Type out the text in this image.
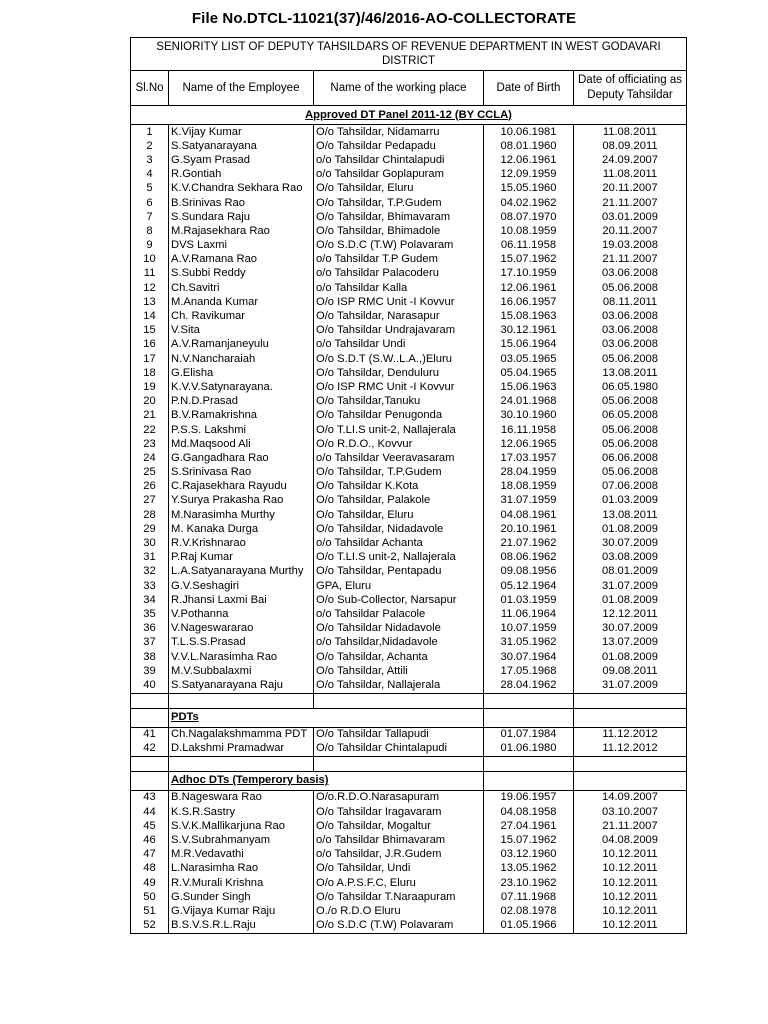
File No.DTCL-11021(37)/46/2016-AO-COLLECTORATE
SENIORITY LIST OF DEPUTY TAHSILDARS OF REVENUE DEPARTMENT IN WEST GODAVARI DISTRICT				
Sl.No	Name of the Employee	Name of the working place	Date of Birth	Date of officiating as Deputy Tahsildar
Approved DT Panel 2011-12 (BY CCLA)				
1	K.Vijay Kumar	O/o Tahsildar, Nidamarru	10.06.1981	11.08.2011
2	S.Satyanarayana	O/o Tahsildar Pedapadu	08.01.1960	08.09.2011
3	G.Syam Prasad	o/o Tahsildar Chintalapudi	12.06.1961	24.09.2007
4	R.Gontiah	o/o Tahsildar Goplapuram	12.09.1959	11.08.2011
5	K.V.Chandra Sekhara Rao	O/o Tahsildar, Eluru	15.05.1960	20.11.2007
6	B.Srinivas Rao	O/o Tahsildar, T.P.Gudem	04.02.1962	21.11.2007
7	S.Sundara Raju	O/o Tahsildar, Bhimavaram	08.07.1970	03.01.2009
8	M.Rajasekhara Rao	O/o Tahsildar, Bhimadole	10.08.1959	20.11.2007
9	DVS Laxmi	O/o S.D.C (T.W) Polavaram	06.11.1958	19.03.2008
10	A.V.Ramana Rao	o/o Tahsildar T.P Gudem	15.07.1962	21.11.2007
11	S.Subbi Reddy	o/o Tahsildar Palacoderu	17.10.1959	03.06.2008
12	Ch.Savitri	o/o Tahsildar Kalla	12.06.1961	05.06.2008
13	M.Ananda Kumar	O/o ISP RMC Unit -I Kovvur	16.06.1957	08.11.2011
14	Ch. Ravikumar	O/o Tahsildar, Narasapur	15.08.1963	03.06.2008
15	V.Sita	O/o Tahsildar Undrajavaram	30.12.1961	03.06.2008
16	A.V.Ramanjaneyulu	o/o Tahsildar Undi	15.06.1964	03.06.2008
17	N.V.Nancharaiah	O/o S.D.T (S.W..L.A.,)Eluru	03.05.1965	05.06.2008
18	G.Elisha	O/o Tahsildar, Denduluru	05.04.1965	13.08.2011
19	K.V.V.Satynarayana.	O/o ISP RMC Unit -I Kovvur	15.06.1963	06.05.1980
20	P.N.D.Prasad	O/o Tahsildar,Tanuku	24.01.1968	05.06.2008
21	B.V.Ramakrishna	O/o Tahsildar Penugonda	30.10.1960	06.05.2008
22	P.S.S. Lakshmi	O/o T.LI.S unit-2, Nallajerala	16.11.1958	05.06.2008
23	Md.Maqsood Ali	O/o R.D.O., Kovvur	12.06.1965	05.06.2008
24	G.Gangadhara Rao	o/o Tahsildar Veeravasaram	17.03.1957	06.06.2008
25	S.Srinivasa Rao	O/o Tahsildar, T.P.Gudem	28.04.1959	05.06.2008
26	C.Rajasekhara Rayudu	O/o Tahsildar K.Kota	18.08.1959	07.06.2008
27	Y.Surya Prakasha Rao	O/o Tahsildar, Palakole	31.07.1959	01.03.2009
28	M.Narasimha Murthy	O/o Tahsildar, Eluru	04.08.1961	13.08.2011
29	M. Kanaka Durga	O/o Tahsildar, Nidadavole	20.10.1961	01.08.2009
30	R.V.Krishnarao	o/o Tahsildar Achanta	21.07.1962	30.07.2009
31	P.Raj Kumar	O/o T.LI.S unit-2, Nallajerala	08.06.1962	03.08.2009
32	L.A.Satyanarayana Murthy	O/o Tahsildar, Pentapadu	09.08.1956	08.01.2009
33	G.V.Seshagiri	GPA, Eluru	05.12.1964	31.07.2009
34	R.Jhansi Laxmi Bai	O/o Sub-Collector, Narsapur	01.03.1959	01.08.2009
35	V.Pothanna	o/o Tahsildar Palacole	11.06.1964	12.12.2011
36	V.Nageswararao	O/o Tahsildar Nidadavole	10.07.1959	30.07.2009
37	T.L.S.S.Prasad	o/o Tahsildar,Nidadavole	31.05.1962	13.07.2009
38	V.V.L.Narasimha Rao	O/o Tahsildar, Achanta	30.07.1964	01.08.2009
39	M.V.Subbalaxmi	O/o Tahsildar, Attili	17.05.1968	09.08.2011
40	S.Satyanarayana Raju	O/o Tahsildar, Nallajerala	28.04.1962	31.07.2009

	PDTs			
41	Ch.Nagalakshmamma PDT	O/o Tahsildar Tallapudi	01.07.1984	11.12.2012
42	D.Lakshmi Pramadwar	O/o Tahsildar Chintalapudi	01.06.1980	11.12.2012

	Adhoc DTs (Temperory basis)			
43	B.Nageswara Rao	O/o.R.D.O.Narasapuram	19.06.1957	14.09.2007
44	K.S.R.Sastry	O/o Tahsildar Iragavaram	04.08.1958	03.10.2007
45	S.V.K.Mallikarjuna Rao	O/o Tahsildar, Mogaltur	27.04.1961	21.11.2007
46	S.V.Subrahmanyam	o/o Tahsildar Bhimavaram	15.07.1962	04.08.2009
47	M.R.Vedavathi	o/o Tahsildar, J.R.Gudem	03.12.1960	10.12.2011
48	L.Narasimha Rao	O/o Tahsildar, Undi	13.05.1962	10.12.2011
49	R.V.Murali Krishna	O/o A.P.S.F.C, Eluru	23.10.1962	10.12.2011
50	G.Sunder Singh	O/o Tahsildar T.Naraapuram	07.11.1968	10.12.2011
51	G.Vijaya Kumar Raju	O./o R.D.O Eluru	02.08.1978	10.12.2011
52	B.S.V.S.R.L.Raju	O/o S.D.C (T.W) Polavaram	01.05.1966	10.12.2011
